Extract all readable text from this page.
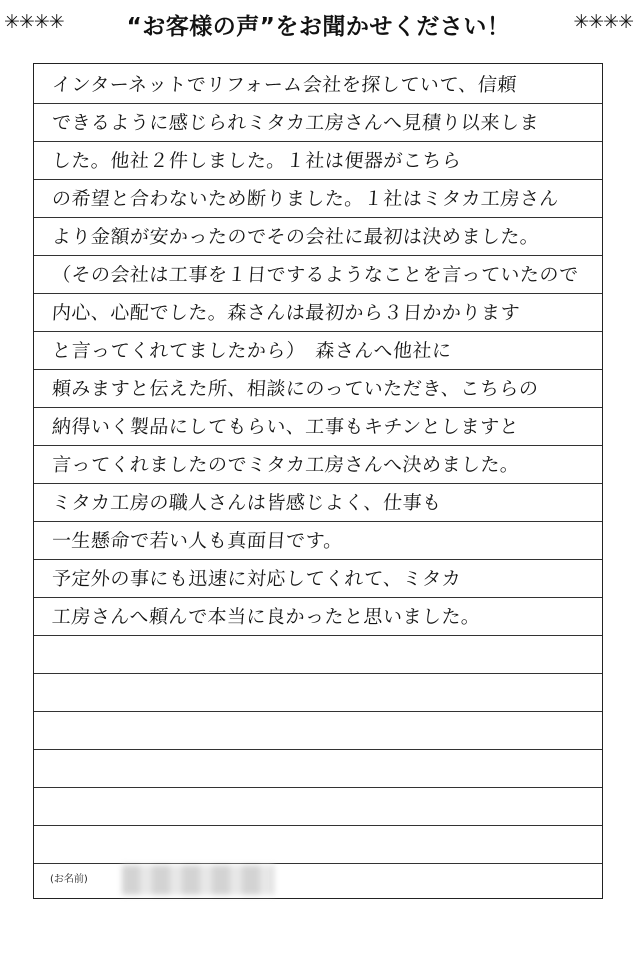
✳✳✳✳	“お客様の声”をお聞かせください！	✳✳✳✳
インターネットでリフォーム会社を探していて、信頼
できるように感じられミタカ工房さんへ見積り以来しま
した。他社２件しました。１社は便器がこちら
の希望と合わないため断りました。１社はミタカ工房さん
より金額が安かったのでその会社に最初は決めました。
（その会社は工事を１日でするようなことを言っていたので
内心、心配でした。森さんは最初から３日かかります
と言ってくれてましたから）　森さんへ他社に
頼みますと伝えた所、相談にのっていただき、こちらの
納得いく製品にしてもらい、工事もキチンとしますと
言ってくれましたのでミタカ工房さんへ決めました。
ミタカ工房の職人さんは皆感じよく、仕事も
一生懸命で若い人も真面目です。
予定外の事にも迅速に対応してくれて、ミタカ
工房さんへ頼んで本当に良かったと思いました。
(お名前)
